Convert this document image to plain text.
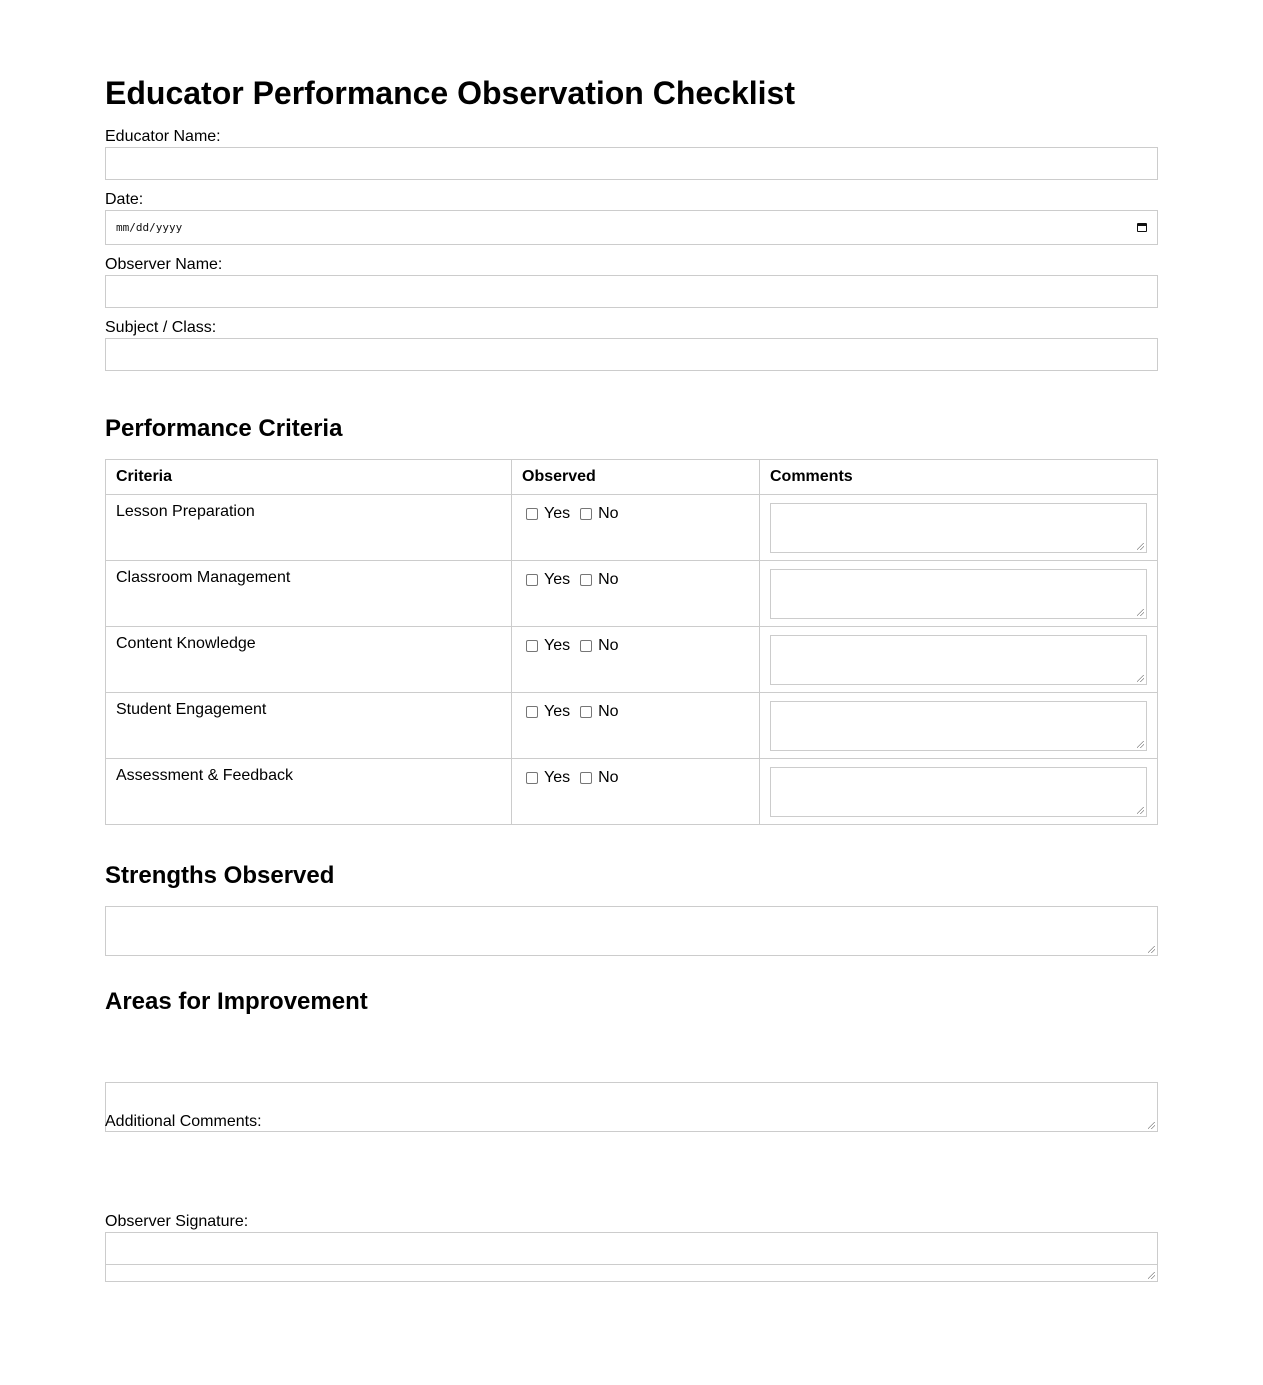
Educator Performance Observation Checklist
Educator Name:
Date:
mm/dd/yyyy
Observer Name:
Subject / Class:
Performance Criteria
Criteria	Observed	Comments
Lesson Preparation	Yes No	

Classroom Management	Yes No	

Content Knowledge	Yes No	

Student Engagement	Yes No	

Assessment & Feedback	Yes No	

Strengths Observed
Areas for Improvement
Additional Comments:
Observer Signature:
